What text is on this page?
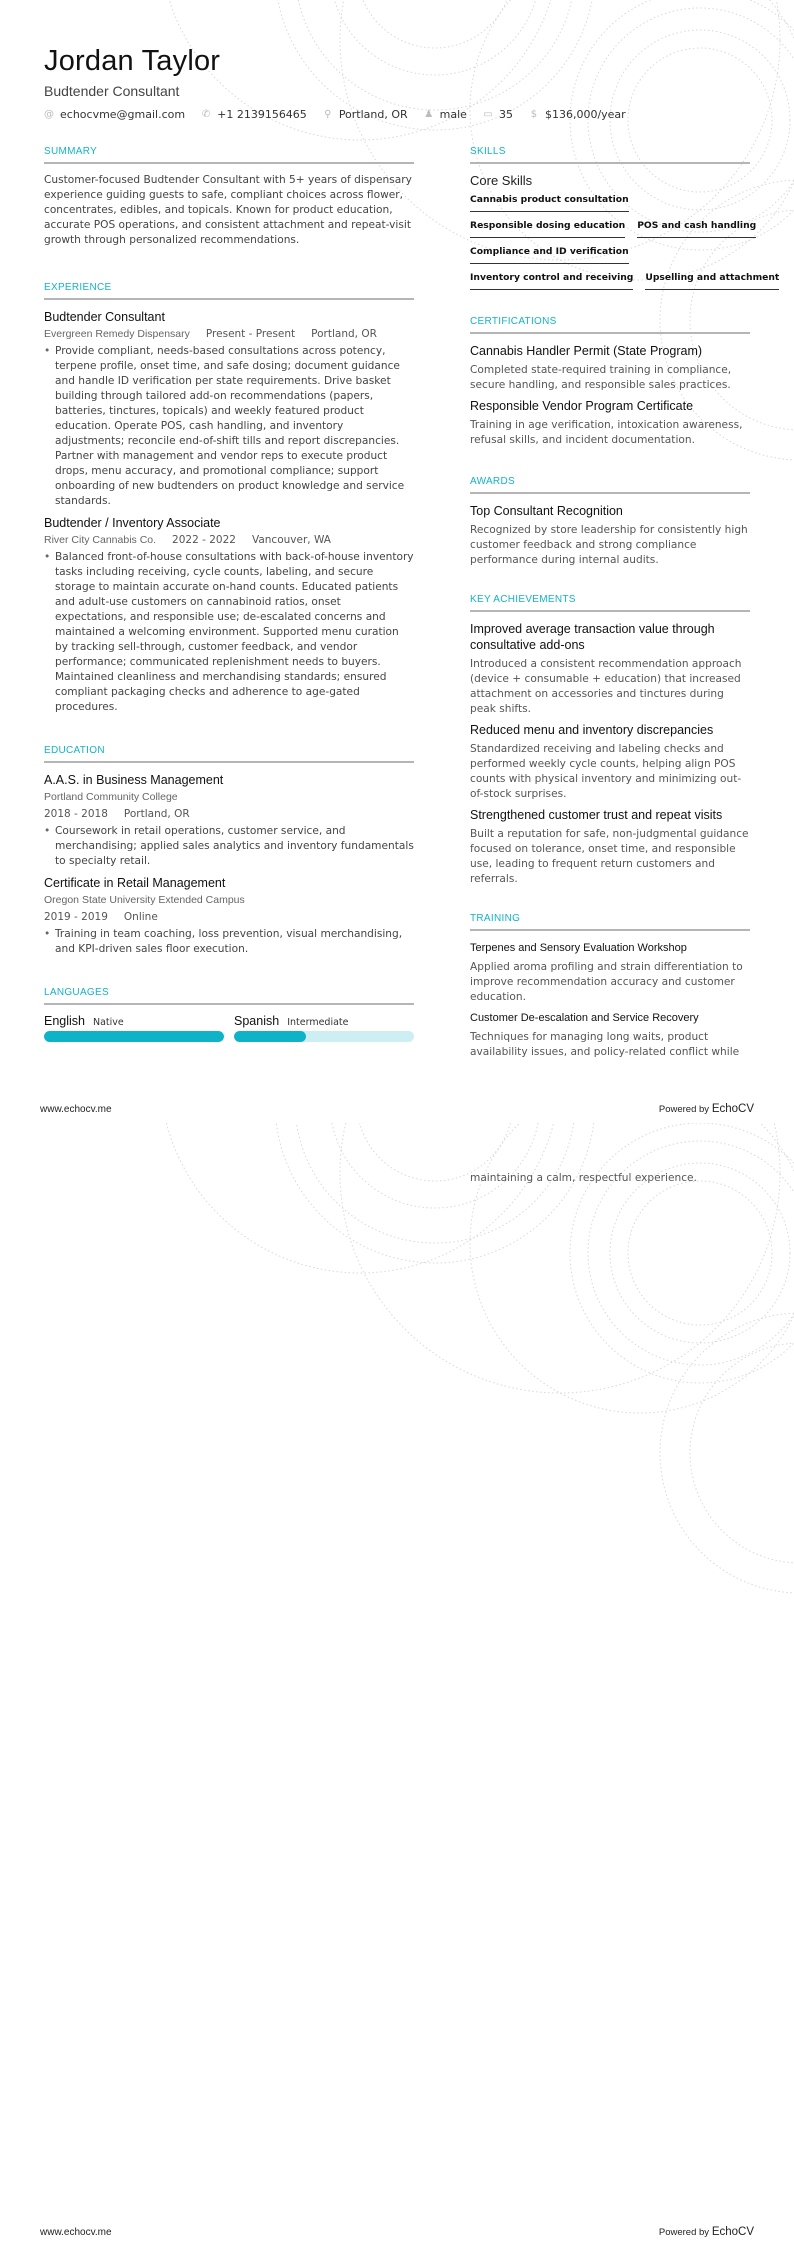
Jordan Taylor
Budtender Consultant
@ echocvme@gmail.com ✆ +1 2139156465 ⚲ Portland, OR ♟ male ▭ 35 $ $136,000/year
SUMMARY

Customer-focused Budtender Consultant with 5+ years of dispensary experience guiding guests to safe, compliant choices across flower, concentrates, edibles, and topicals. Known for product education, accurate POS operations, and consistent attachment and repeat-visit growth through personalized recommendations.

EXPERIENCE
Budtender Consultant
Evergreen Remedy Dispensary Present - Present Portland, OR
• Provide compliant, needs-based consultations across potency, terpene profile, onset time, and safe dosing; document guidance and handle ID verification per state requirements. Drive basket building through tailored add-on recommendations (papers, batteries, tinctures, topicals) and weekly featured product education. Operate POS, cash handling, and inventory adjustments; reconcile end-of-shift tills and report discrepancies. Partner with management and vendor reps to execute product drops, menu accuracy, and promotional compliance; support onboarding of new budtenders on product knowledge and service standards.
Budtender / Inventory Associate
River City Cannabis Co. 2022 - 2022 Vancouver, WA
• Balanced front-of-house consultations with back-of-house inventory tasks including receiving, cycle counts, labeling, and secure storage to maintain accurate on-hand counts. Educated patients and adult-use customers on cannabinoid ratios, onset expectations, and responsible use; de-escalated concerns and maintained a welcoming environment. Supported menu curation by tracking sell-through, customer feedback, and vendor performance; communicated replenishment needs to buyers. Maintained cleanliness and merchandising standards; ensured compliant packaging checks and adherence to age-gated procedures.
EDUCATION
A.A.S. in Business Management
Portland Community College
2018 - 2018 Portland, OR
• Coursework in retail operations, customer service, and merchandising; applied sales analytics and inventory fundamentals to specialty retail.
Certificate in Retail Management
Oregon State University Extended Campus
2019 - 2019 Online
• Training in team coaching, loss prevention, visual merchandising, and KPI-driven sales floor execution.
LANGUAGES
English Native	Spanish Intermediate
SKILLS
Core Skills
Cannabis product consultation
Responsible dosing education POS and cash handling
Compliance and ID verification
Inventory control and receiving Upselling and attachment
CERTIFICATIONS
Cannabis Handler Permit (State Program)
Completed state-required training in compliance, secure handling, and responsible sales practices.
Responsible Vendor Program Certificate
Training in age verification, intoxication awareness, refusal skills, and incident documentation.
AWARDS
Top Consultant Recognition
Recognized by store leadership for consistently high customer feedback and strong compliance performance during internal audits.
KEY ACHIEVEMENTS
Improved average transaction value through consultative add-ons
Introduced a consistent recommendation approach (device + consumable + education) that increased attachment on accessories and tinctures during peak shifts.
Reduced menu and inventory discrepancies
Standardized receiving and labeling checks and performed weekly cycle counts, helping align POS counts with physical inventory and minimizing out-of-stock surprises.
Strengthened customer trust and repeat visits
Built a reputation for safe, non-judgmental guidance focused on tolerance, onset time, and responsible use, leading to frequent return customers and referrals.
TRAINING
Terpenes and Sensory Evaluation Workshop
Applied aroma profiling and strain differentiation to improve recommendation accuracy and customer education.
Customer De-escalation and Service Recovery
Techniques for managing long waits, product availability issues, and policy-related conflict while
www.echocv.me	Powered by EchoCV
maintaining a calm, respectful experience.
www.echocv.me	Powered by EchoCV
